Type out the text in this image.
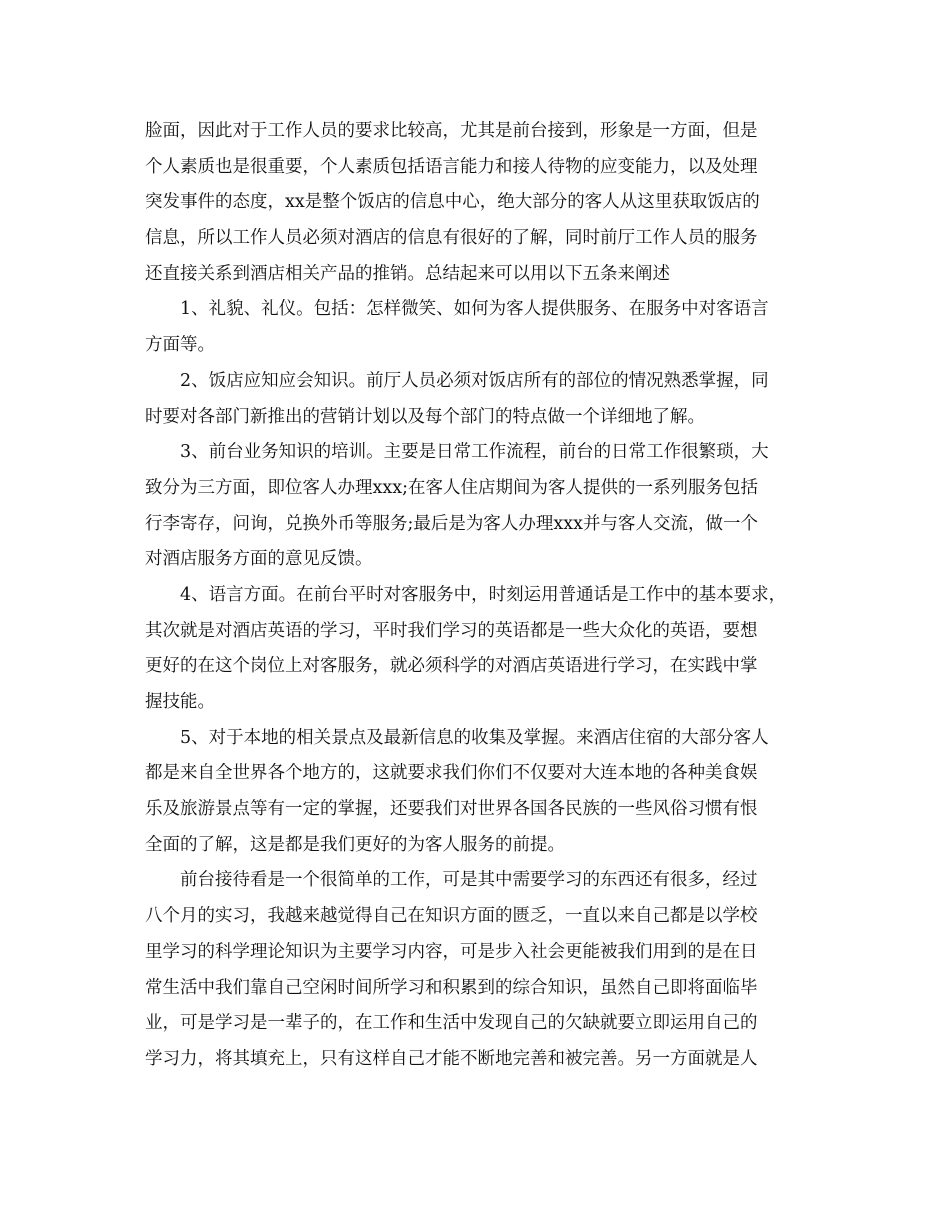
脸面，因此对于工作人员的要求比较高，尤其是前台接到，形象是一方面，但是
个人素质也是很重要，个人素质包括语言能力和接人待物的应变能力，以及处理
突发事件的态度，xx是整个饭店的信息中心，绝大部分的客人从这里获取饭店的
信息，所以工作人员必须对酒店的信息有很好的了解，同时前厅工作人员的服务
还直接关系到酒店相关产品的推销。总结起来可以用以下五条来阐述
1、礼貌、礼仪。包括：怎样微笑、如何为客人提供服务、在服务中对客语言
方面等。
2、饭店应知应会知识。前厅人员必须对饭店所有的部位的情况熟悉掌握，同
时要对各部门新推出的营销计划以及每个部门的特点做一个详细地了解。
3、前台业务知识的培训。主要是日常工作流程，前台的日常工作很繁琐，大
致分为三方面，即位客人办理xxx;在客人住店期间为客人提供的一系列服务包括
行李寄存，问询，兑换外币等服务;最后是为客人办理xxx并与客人交流，做一个
对酒店服务方面的意见反馈。
4、语言方面。在前台平时对客服务中，时刻运用普通话是工作中的基本要求，
其次就是对酒店英语的学习，平时我们学习的英语都是一些大众化的英语，要想
更好的在这个岗位上对客服务，就必须科学的对酒店英语进行学习，在实践中掌
握技能。
5、对于本地的相关景点及最新信息的收集及掌握。来酒店住宿的大部分客人
都是来自全世界各个地方的，这就要求我们你们不仅要对大连本地的各种美食娱
乐及旅游景点等有一定的掌握，还要我们对世界各国各民族的一些风俗习惯有恨
全面的了解，这是都是我们更好的为客人服务的前提。
前台接待看是一个很简单的工作，可是其中需要学习的东西还有很多，经过
八个月的实习，我越来越觉得自己在知识方面的匮乏，一直以来自己都是以学校
里学习的科学理论知识为主要学习内容，可是步入社会更能被我们用到的是在日
常生活中我们靠自己空闲时间所学习和积累到的综合知识，虽然自己即将面临毕
业，可是学习是一辈子的，在工作和生活中发现自己的欠缺就要立即运用自己的
学习力，将其填充上，只有这样自己才能不断地完善和被完善。另一方面就是人
